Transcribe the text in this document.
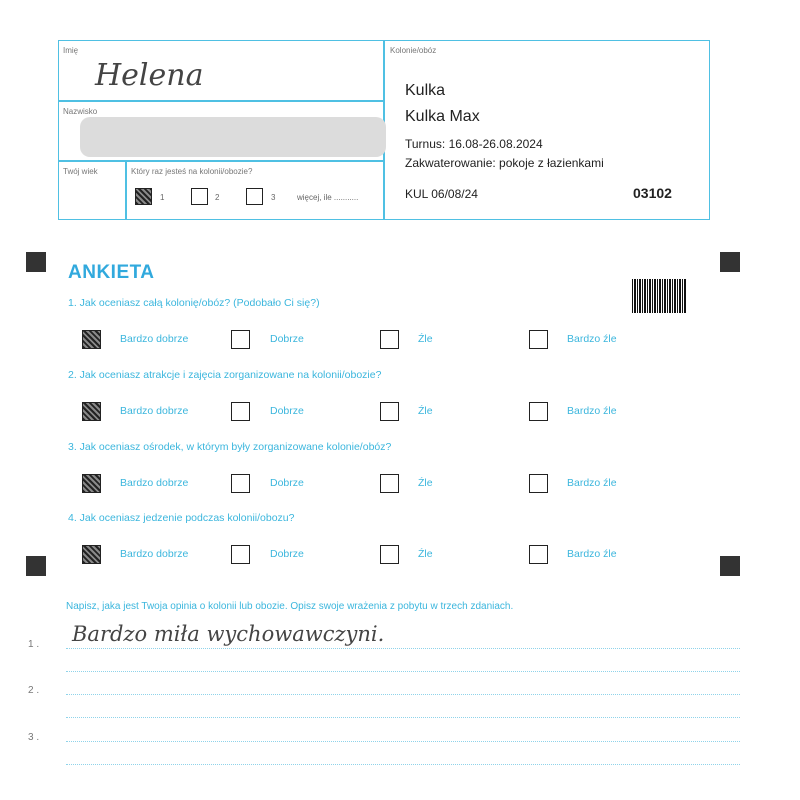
Imię
Helena
Nazwisko
Twój wiek	Który raz jesteś na kolonii/obozie?
1	2	3	więcej, ile ...........
Kolonie/obóz
Kulka
Kulka Max
Turnus: 16.08-26.08.2024
Zakwaterowanie: pokoje z łazienkami
KUL 06/08/24	03102
ANKIETA
1. Jak oceniasz całą kolonię/obóz? (Podobało Ci się?)
Bardzo dobrze	Dobrze	Źle	Bardzo źle
2. Jak oceniasz atrakcje i zajęcia zorganizowane na kolonii/obozie?
Bardzo dobrze	Dobrze	Źle	Bardzo źle
3. Jak oceniasz ośrodek, w którym były zorganizowane kolonie/obóz?
Bardzo dobrze	Dobrze	Źle	Bardzo źle
4. Jak oceniasz jedzenie podczas kolonii/obozu?
Bardzo dobrze	Dobrze	Źle	Bardzo źle
Napisz, jaka jest Twoja opinia o kolonii lub obozie. Opisz swoje wrażenia z pobytu w trzech zdaniach.
1 .
2 .
3 .
Bardzo miła wychowawczyni.
